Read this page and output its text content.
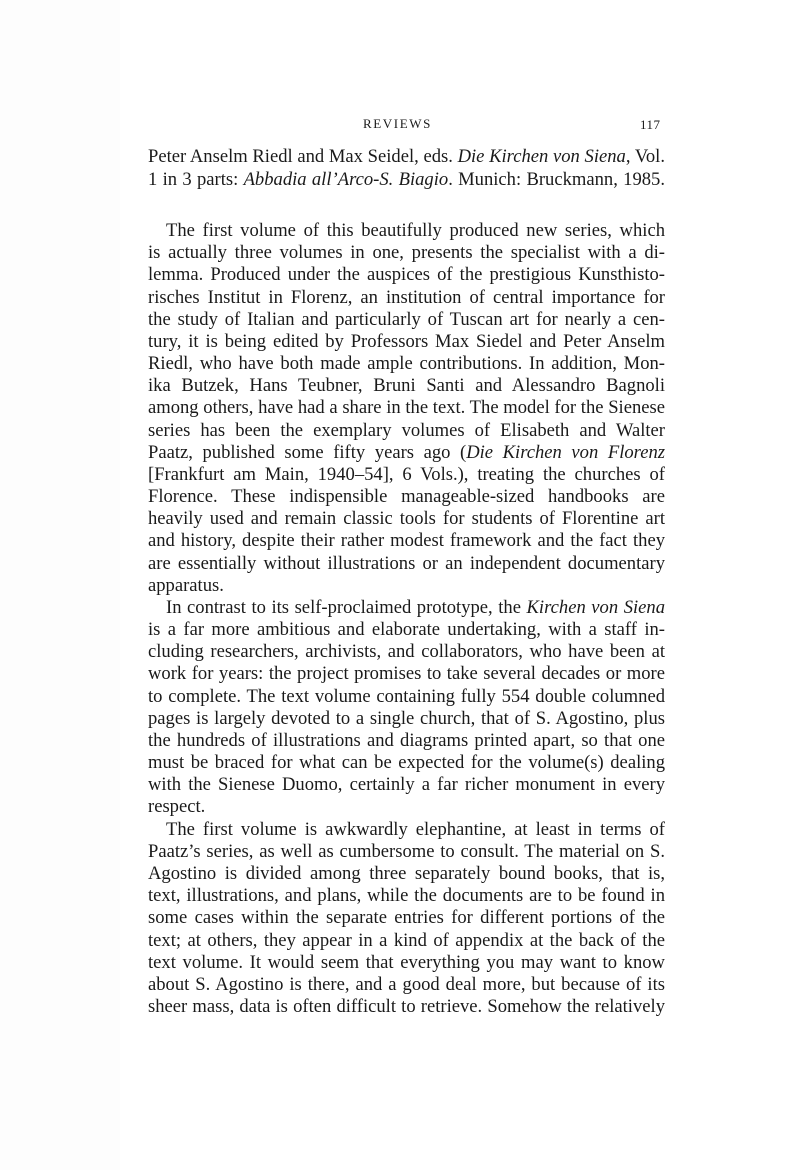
REVIEWS	117
Peter Anselm Riedl and Max Seidel, eds. Die Kirchen von Siena, Vol.
1 in 3 parts: Abbadia all’Arco-S. Biagio. Munich: Bruckmann, 1985.
The first volume of this beautifully produced new series, which
is actually three volumes in one, presents the specialist with a di-
lemma. Produced under the auspices of the prestigious Kunsthisto-
risches Institut in Florenz, an institution of central importance for
the study of Italian and particularly of Tuscan art for nearly a cen-
tury, it is being edited by Professors Max Siedel and Peter Anselm
Riedl, who have both made ample contributions. In addition, Mon-
ika Butzek, Hans Teubner, Bruni Santi and Alessandro Bagnoli
among others, have had a share in the text. The model for the Sienese
series has been the exemplary volumes of Elisabeth and Walter
Paatz, published some fifty years ago (Die Kirchen von Florenz
[Frankfurt am Main, 1940–54], 6 Vols.), treating the churches of
Florence. These indispensible manageable-sized handbooks are
heavily used and remain classic tools for students of Florentine art
and history, despite their rather modest framework and the fact they
are essentially without illustrations or an independent documentary
apparatus.
In contrast to its self-proclaimed prototype, the Kirchen von Siena
is a far more ambitious and elaborate undertaking, with a staff in-
cluding researchers, archivists, and collaborators, who have been at
work for years: the project promises to take several decades or more
to complete. The text volume containing fully 554 double columned
pages is largely devoted to a single church, that of S. Agostino, plus
the hundreds of illustrations and diagrams printed apart, so that one
must be braced for what can be expected for the volume(s) dealing
with the Sienese Duomo, certainly a far richer monument in every
respect.
The first volume is awkwardly elephantine, at least in terms of
Paatz’s series, as well as cumbersome to consult. The material on S.
Agostino is divided among three separately bound books, that is,
text, illustrations, and plans, while the documents are to be found in
some cases within the separate entries for different portions of the
text; at others, they appear in a kind of appendix at the back of the
text volume. It would seem that everything you may want to know
about S. Agostino is there, and a good deal more, but because of its
sheer mass, data is often difficult to retrieve. Somehow the relatively
